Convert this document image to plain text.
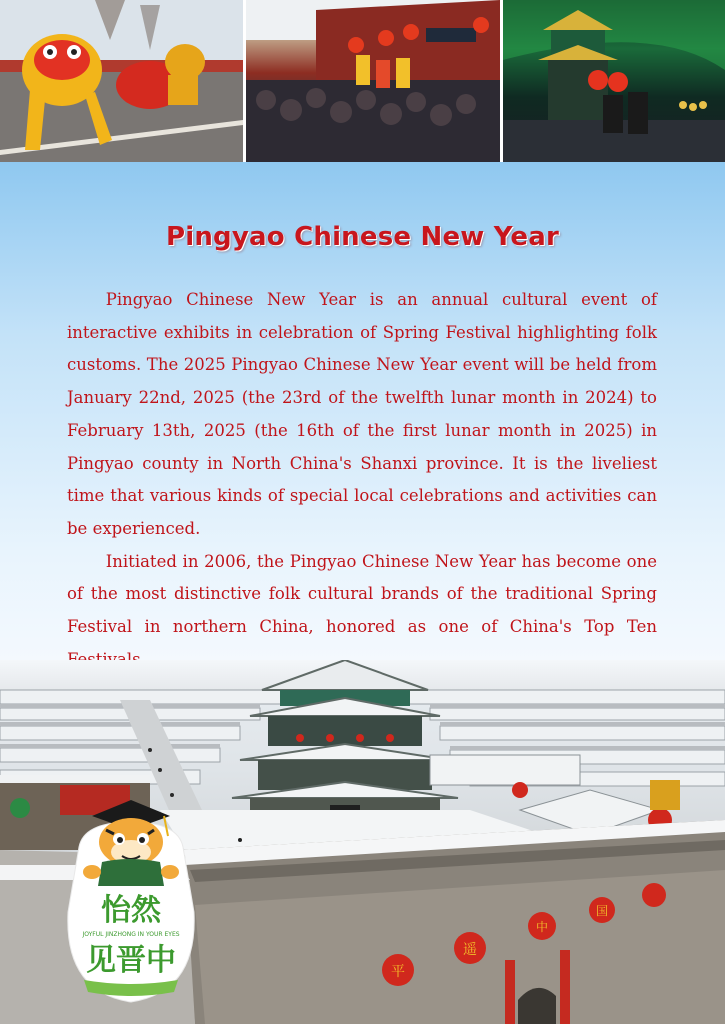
Pingyao Chinese New Year

Pingyao Chinese New Year is an annual cultural event of interactive exhibits in celebration of Spring Festival highlighting folk customs. The 2025 Pingyao Chinese New Year event will be held from January 22nd, 2025 (the 23rd of the twelfth lunar month in 2024) to February 13th, 2025 (the 16th of the first lunar month in 2025) in Pingyao county in North China's Shanxi province. It is the liveliest time that various kinds of special local celebrations and activities can be experienced.

Initiated in 2006, the Pingyao Chinese New Year has become one of the most distinctive folk cultural brands of the traditional Spring Festival in northern China, honored as one of China's Top Ten

平
遥
中
国
怡然
JOYFUL JINZHONG IN YOUR EYES
见晋中
